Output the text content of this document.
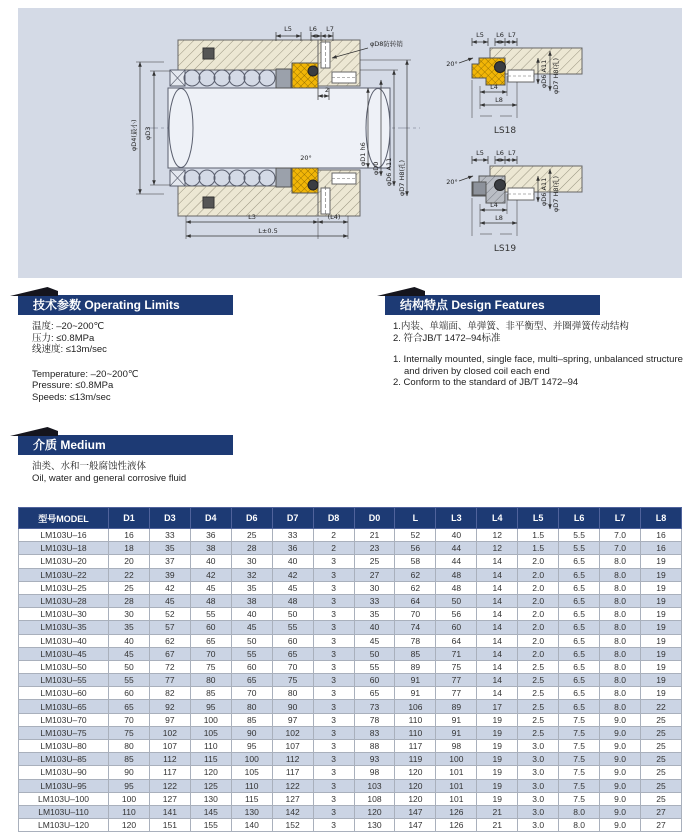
L5	L6 L7
φD8防转销
2
20°
φD4(最小) φD3
φD1 h6
φD0 φD6 A11 φD7 H8(孔)
L3	(L4)
L±0.5
L5 L6 L7
20°
L4
L8
φD6 A11 φD7 H8(孔)
LS18
L5 L6 L7
20°
L4
L8
φD6 A11 φD7 H8(孔)
LS19
技术参数 Operating Limits
温度: –20~200℃
压力: ≤0.8MPa
线速度: ≤13m/sec
Temperature: –20~200℃
Pressure: ≤0.8MPa
Speeds: ≤13m/sec
结构特点 Design Features
1.内装、单端面、单弹簧、非平衡型、并圈弹簧传动结构
2. 符合JB/T 1472–94标准
1. Internally mounted, single face, multi–spring, unbalanced structure and driven by closed coil each end
2. Conform to the standard of JB/T 1472–94
介质 Medium
油类、水和一般腐蚀性液体
Oil, water and general corrosive fluid
型号MODEL	D1	D3	D4	D6	D7	D8	D0	L	L3	L4	L5	L6	L7	L8
LM103U–16	16	33	36	25	33	2	21	52	40	12	1.5	5.5	7.0	16
LM103U–18	18	35	38	28	36	2	23	56	44	12	1.5	5.5	7.0	16
LM103U–20	20	37	40	30	40	3	25	58	44	14	2.0	6.5	8.0	19
LM103U–22	22	39	42	32	42	3	27	62	48	14	2.0	6.5	8.0	19
LM103U–25	25	42	45	35	45	3	30	62	48	14	2.0	6.5	8.0	19
LM103U–28	28	45	48	38	48	3	33	64	50	14	2.0	6.5	8.0	19
LM103U–30	30	52	55	40	50	3	35	70	56	14	2.0	6.5	8.0	19
LM103U–35	35	57	60	45	55	3	40	74	60	14	2.0	6.5	8.0	19
LM103U–40	40	62	65	50	60	3	45	78	64	14	2.0	6.5	8.0	19
LM103U–45	45	67	70	55	65	3	50	85	71	14	2.0	6.5	8.0	19
LM103U–50	50	72	75	60	70	3	55	89	75	14	2.5	6.5	8.0	19
LM103U–55	55	77	80	65	75	3	60	91	77	14	2.5	6.5	8.0	19
LM103U–60	60	82	85	70	80	3	65	91	77	14	2.5	6.5	8.0	19
LM103U–65	65	92	95	80	90	3	73	106	89	17	2.5	6.5	8.0	22
LM103U–70	70	97	100	85	97	3	78	110	91	19	2.5	7.5	9.0	25
LM103U–75	75	102	105	90	102	3	83	110	91	19	2.5	7.5	9.0	25
LM103U–80	80	107	110	95	107	3	88	117	98	19	3.0	7.5	9.0	25
LM103U–85	85	112	115	100	112	3	93	119	100	19	3.0	7.5	9.0	25
LM103U–90	90	117	120	105	117	3	98	120	101	19	3.0	7.5	9.0	25
LM103U–95	95	122	125	110	122	3	103	120	101	19	3.0	7.5	9.0	25
LM103U–100	100	127	130	115	127	3	108	120	101	19	3.0	7.5	9.0	25
LM103U–110	110	141	145	130	142	3	120	147	126	21	3.0	8.0	9.0	27
LM103U–120	120	151	155	140	152	3	130	147	126	21	3.0	8.0	9.0	27
